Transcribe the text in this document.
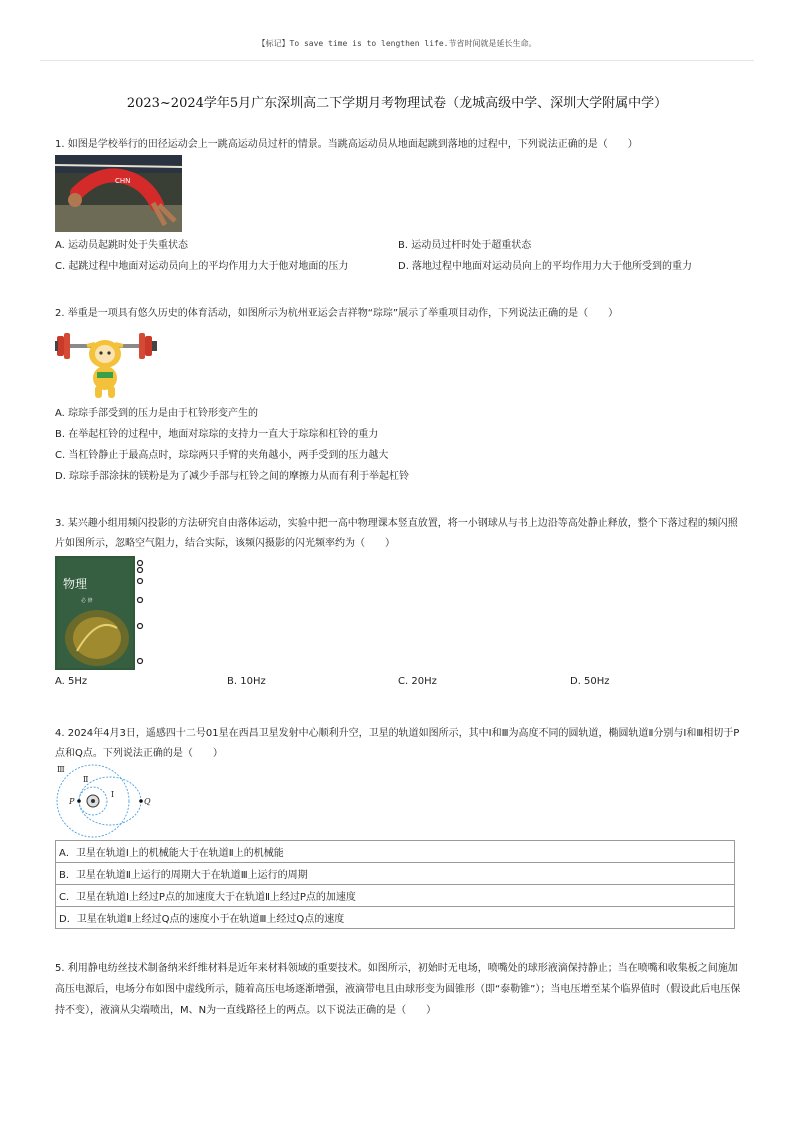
【标记】To save time is to lengthen life.节省时间就是延长生命。
2023~2024学年5月广东深圳高二下学期月考物理试卷（龙城高级中学、深圳大学附属中学）
1. 如图是学校举行的田径运动会上一跳高运动员过杆的情景。当跳高运动员从地面起跳到落地的过程中，下列说法正确的是（　　）
CHN
A. 运动员起跳时处于失重状态	B. 运动员过杆时处于超重状态
C. 起跳过程中地面对运动员向上的平均作用力大于他对地面的压力	D. 落地过程中地面对运动员向上的平均作用力大于他所受到的重力
2. 举重是一项具有悠久历史的体育活动，如图所示为杭州亚运会吉祥物“琮琮”展示了举重项目动作，下列说法正确的是（　　）
A. 琮琮手部受到的压力是由于杠铃形变产生的
B. 在举起杠铃的过程中，地面对琮琮的支持力一直大于琮琮和杠铃的重力
C. 当杠铃静止于最高点时，琮琮两只手臂的夹角越小，两手受到的压力越大
D. 琮琮手部涂抹的镁粉是为了减少手部与杠铃之间的摩擦力从而有利于举起杠铃
3. 某兴趣小组用频闪投影的方法研究自由落体运动，实验中把一高中物理课本竖直放置，将一小钢球从与书上边沿等高处静止释放，整个下落过程的频闪照片如图所示，忽略空气阻力，结合实际，该频闪摄影的闪光频率约为（　　）
物理
必 修
A. 5Hz	B. 10Hz	C. 20Hz	D. 50Hz
4. 2024年4月3日，遥感四十二号01星在西昌卫星发射中心顺利升空，卫星的轨道如图所示，其中Ⅰ和Ⅲ为高度不同的圆轨道，椭圆轨道Ⅱ分别与Ⅰ和Ⅲ相切于P点和Q点。下列说法正确的是（　　）
Ⅲ
Ⅱ
Ⅰ
P	Q
A．卫星在轨道Ⅰ上的机械能大于在轨道Ⅱ上的机械能
B．卫星在轨道Ⅱ上运行的周期大于在轨道Ⅲ上运行的周期
C．卫星在轨道Ⅰ上经过P点的加速度大于在轨道Ⅱ上经过P点的加速度
D．卫星在轨道Ⅱ上经过Q点的速度小于在轨道Ⅲ上经过Q点的速度
5. 利用静电纺丝技术制备纳米纤维材料是近年来材料领域的重要技术。如图所示，初始时无电场，喷嘴处的球形液滴保持静止；当在喷嘴和收集板之间施加高压电源后，电场分布如图中虚线所示，随着高压电场逐渐增强，液滴带电且由球形变为圆锥形（即“泰勒锥”）；当电压增至某个临界值时（假设此后电压保持不变），液滴从尖端喷出，M、N为一直线路径上的两点。以下说法正确的是（　　）
